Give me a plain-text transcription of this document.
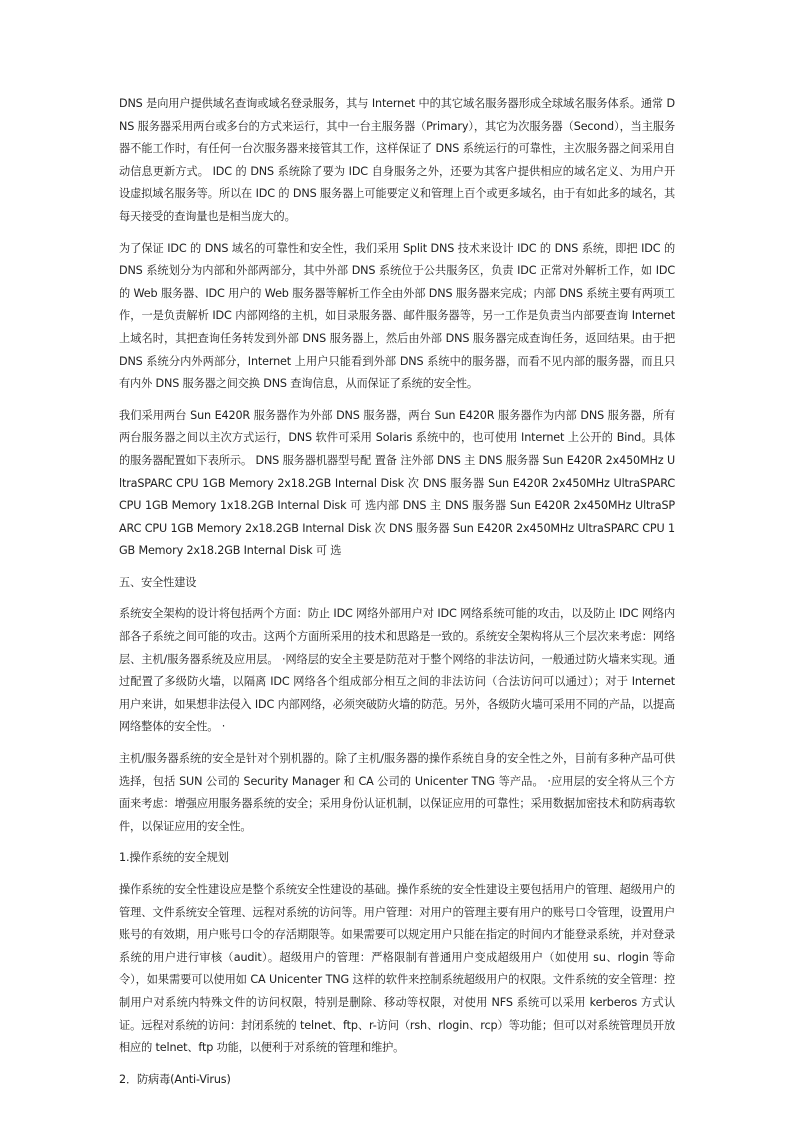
DNS 是向用户提供域名查询或域名登录服务，其与 Internet 中的其它域名服务器形成全球域名服务体系。通常 DNS 服务器采用两台或多台的方式来运行，其中一台主服务器（Primary），其它为次服务器（Second），当主服务器不能工作时，有任何一台次服务器来接管其工作，这样保证了 DNS 系统运行的可靠性，主次服务器之间采用自动信息更新方式。 IDC 的 DNS 系统除了要为 IDC 自身服务之外，还要为其客户提供相应的域名定义、为用户开设虚拟域名服务等。所以在 IDC 的 DNS 服务器上可能要定义和管理上百个或更多域名，由于有如此多的域名，其每天接受的查询量也是相当庞大的。

为了保证 IDC 的 DNS 域名的可靠性和安全性，我们采用 Split DNS 技术来设计 IDC 的 DNS 系统，即把 IDC 的 DNS 系统划分为内部和外部两部分，其中外部 DNS 系统位于公共服务区，负责 IDC 正常对外解析工作，如 IDC 的 Web 服务器、IDC 用户的 Web 服务器等解析工作全由外部 DNS 服务器来完成；内部 DNS 系统主要有两项工作，一是负责解析 IDC 内部网络的主机，如目录服务器、邮件服务器等，另一工作是负责当内部要查询 Internet 上域名时，其把查询任务转发到外部 DNS 服务器上，然后由外部 DNS 服务器完成查询任务，返回结果。由于把 DNS 系统分内外两部分，Internet 上用户只能看到外部 DNS 系统中的服务器，而看不见内部的服务器，而且只有内外 DNS 服务器之间交换 DNS 查询信息，从而保证了系统的安全性。

我们采用两台 Sun E420R 服务器作为外部 DNS 服务器，两台 Sun E420R 服务器作为内部 DNS 服务器，所有两台服务器之间以主次方式运行，DNS 软件可采用 Solaris 系统中的，也可使用 Internet 上公开的 Bind。具体的服务器配置如下表所示。 DNS 服务器机器型号配 置备 注外部 DNS 主 DNS 服务器 Sun E420R 2x450MHz UltraSPARC CPU 1GB Memory 2x18.2GB Internal Disk 次 DNS 服务器 Sun E420R 2x450MHz UltraSPARC CPU 1GB Memory 1x18.2GB Internal Disk 可 选内部 DNS 主 DNS 服务器 Sun E420R 2x450MHz UltraSPARC CPU 1GB Memory 2x18.2GB Internal Disk 次 DNS 服务器 Sun E420R 2x450MHz UltraSPARC CPU 1GB Memory 2x18.2GB Internal Disk 可 选

五、安全性建设

系统安全架构的设计将包括两个方面：防止 IDC 网络外部用户对 IDC 网络系统可能的攻击，以及防止 IDC 网络内部各子系统之间可能的攻击。这两个方面所采用的技术和思路是一致的。系统安全架构将从三个层次来考虑：网络层、主机/服务器系统及应用层。 ·网络层的安全主要是防范对于整个网络的非法访问，一般通过防火墙来实现。通过配置了多级防火墙，以隔离 IDC 网络各个组成部分相互之间的非法访问（合法访问可以通过）；对于 Internet 用户来讲，如果想非法侵入 IDC 内部网络，必须突破防火墙的防范。另外，各级防火墙可采用不同的产品，以提高网络整体的安全性。 ·

主机/服务器系统的安全是针对个别机器的。除了主机/服务器的操作系统自身的安全性之外，目前有多种产品可供选择，包括 SUN 公司的 Security Manager 和 CA 公司的 Unicenter TNG 等产品。 ·应用层的安全将从三个方面来考虑：增强应用服务器系统的安全；采用身份认证机制，以保证应用的可靠性；采用数据加密技术和防病毒软件，以保证应用的安全性。

1.操作系统的安全规划

操作系统的安全性建设应是整个系统安全性建设的基础。操作系统的安全性建设主要包括用户的管理、超级用户的管理、文件系统安全管理、远程对系统的访问等。用户管理：对用户的管理主要有用户的账号口令管理，设置用户账号的有效期，用户账号口令的存活期限等。如果需要可以规定用户只能在指定的时间内才能登录系统，并对登录系统的用户进行审核（audit）。超级用户的管理：严格限制有普通用户变成超级用户（如使用 su、rlogin 等命令），如果需要可以使用如 CA Unicenter TNG 这样的软件来控制系统超级用户的权限。文件系统的安全管理：控制用户对系统内特殊文件的访问权限，特别是删除、移动等权限，对使用 NFS 系统可以采用 kerberos 方式认证。远程对系统的访问：封闭系统的 telnet、ftp、r-访问（rsh、rlogin、rcp）等功能；但可以对系统管理员开放相应的 telnet、ftp 功能，以便利于对系统的管理和维护。

2．防病毒(Anti-Virus)
